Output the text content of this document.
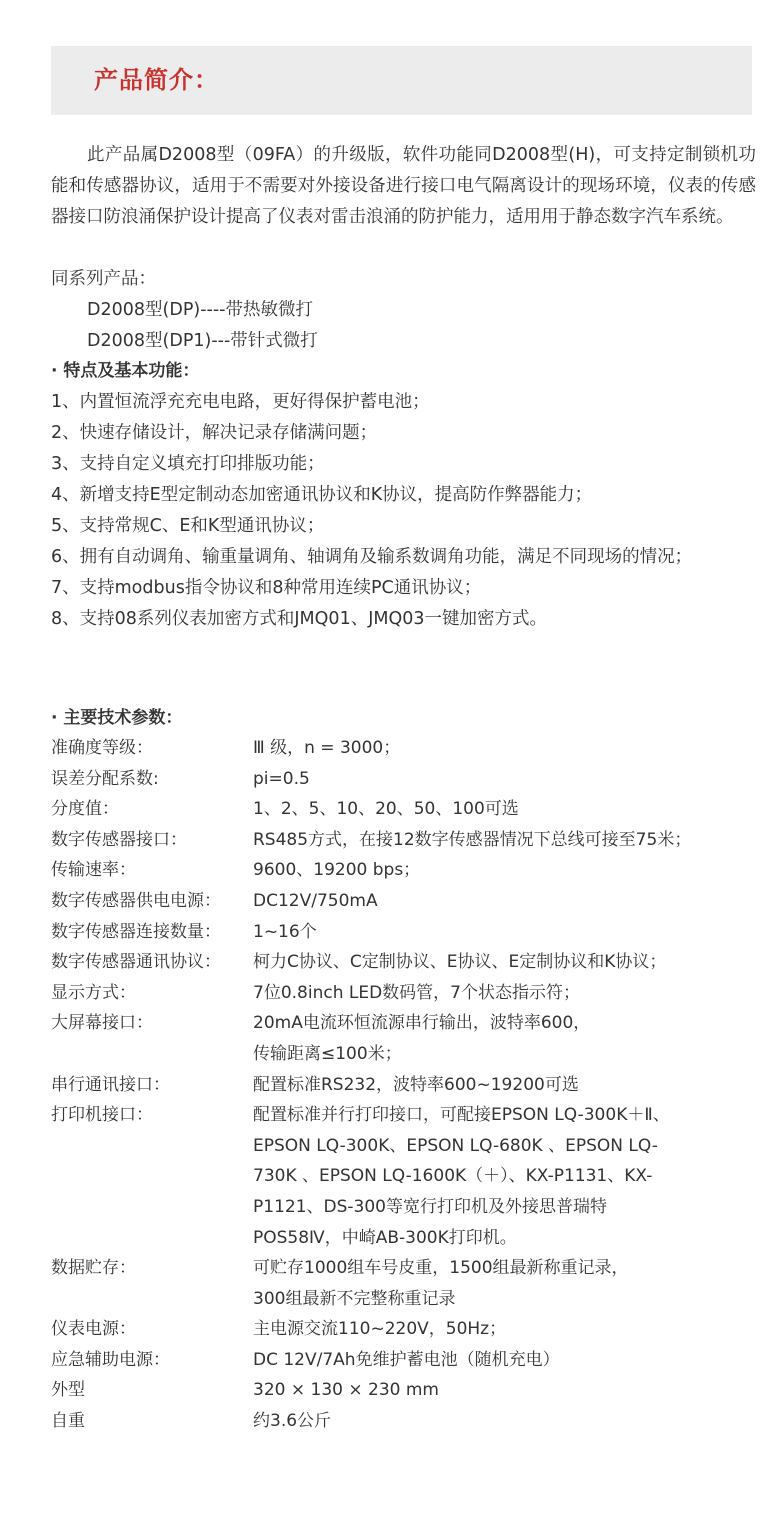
产品简介：

此产品属D2008型（09FA）的升级版，软件功能同D2008型(H)，可支持定制锁机功能和传感器协议，适用于不需要对外接设备进行接口电气隔离设计的现场环境，仪表的传感器接口防浪涌保护设计提高了仪表对雷击浪涌的防护能力，适用用于静态数字汽车系统。

同系列产品：
D2008型(DP)----带热敏微打
D2008型(DP1)---带针式微打
· 特点及基本功能：

1、内置恒流浮充充电电路，更好得保护蓄电池；

2、快速存储设计，解决记录存储满问题；

3、支持自定义填充打印排版功能；

4、新增支持E型定制动态加密通讯协议和K协议，提高防作弊器能力；

5、支持常规C、E和K型通讯协议；

6、拥有自动调角、输重量调角、轴调角及输系数调角功能，满足不同现场的情况；

7、支持modbus指令协议和8种常用连续PC通讯协议；

8、支持08系列仪表加密方式和JMQ01、JMQ03一键加密方式。

· 主要技术参数：
准确度等级：	Ⅲ 级，n = 3000；
误差分配系数:	pi=0.5
分度值：	1、2、5、10、20、50、100可选
数字传感器接口：	RS485方式，在接12数字传感器情况下总线可接至75米；
传输速率：	9600、19200 bps；
数字传感器供电电源：	DC12V/750mA
数字传感器连接数量：	1~16个
数字传感器通讯协议：	柯力C协议、C定制协议、E协议、E定制协议和K协议；
显示方式：	7位0.8inch LED数码管，7个状态指示符；
大屏幕接口：	20mA电流环恒流源串行输出，波特率600，
传输距离≤100米；
串行通讯接口：	配置标准RS232，波特率600~19200可选
打印机接口：	配置标准并行打印接口，可配接EPSON LQ-300K＋Ⅱ、
EPSON LQ-300K、EPSON LQ-680K 、EPSON LQ-
730K 、EPSON LQ-1600K（＋）、KX-P1131、KX-
P1121、DS-300等宽行打印机及外接思普瑞特
POS58Ⅳ，中崎AB-300K打印机。
数据贮存：	可贮存1000组车号皮重，1500组最新称重记录，
300组最新不完整称重记录
仪表电源：	主电源交流110~220V，50Hz；
应急辅助电源：	DC 12V/7Ah免维护蓄电池（随机充电）
外型	320 × 130 × 230 mm
自重	约3.6公斤
